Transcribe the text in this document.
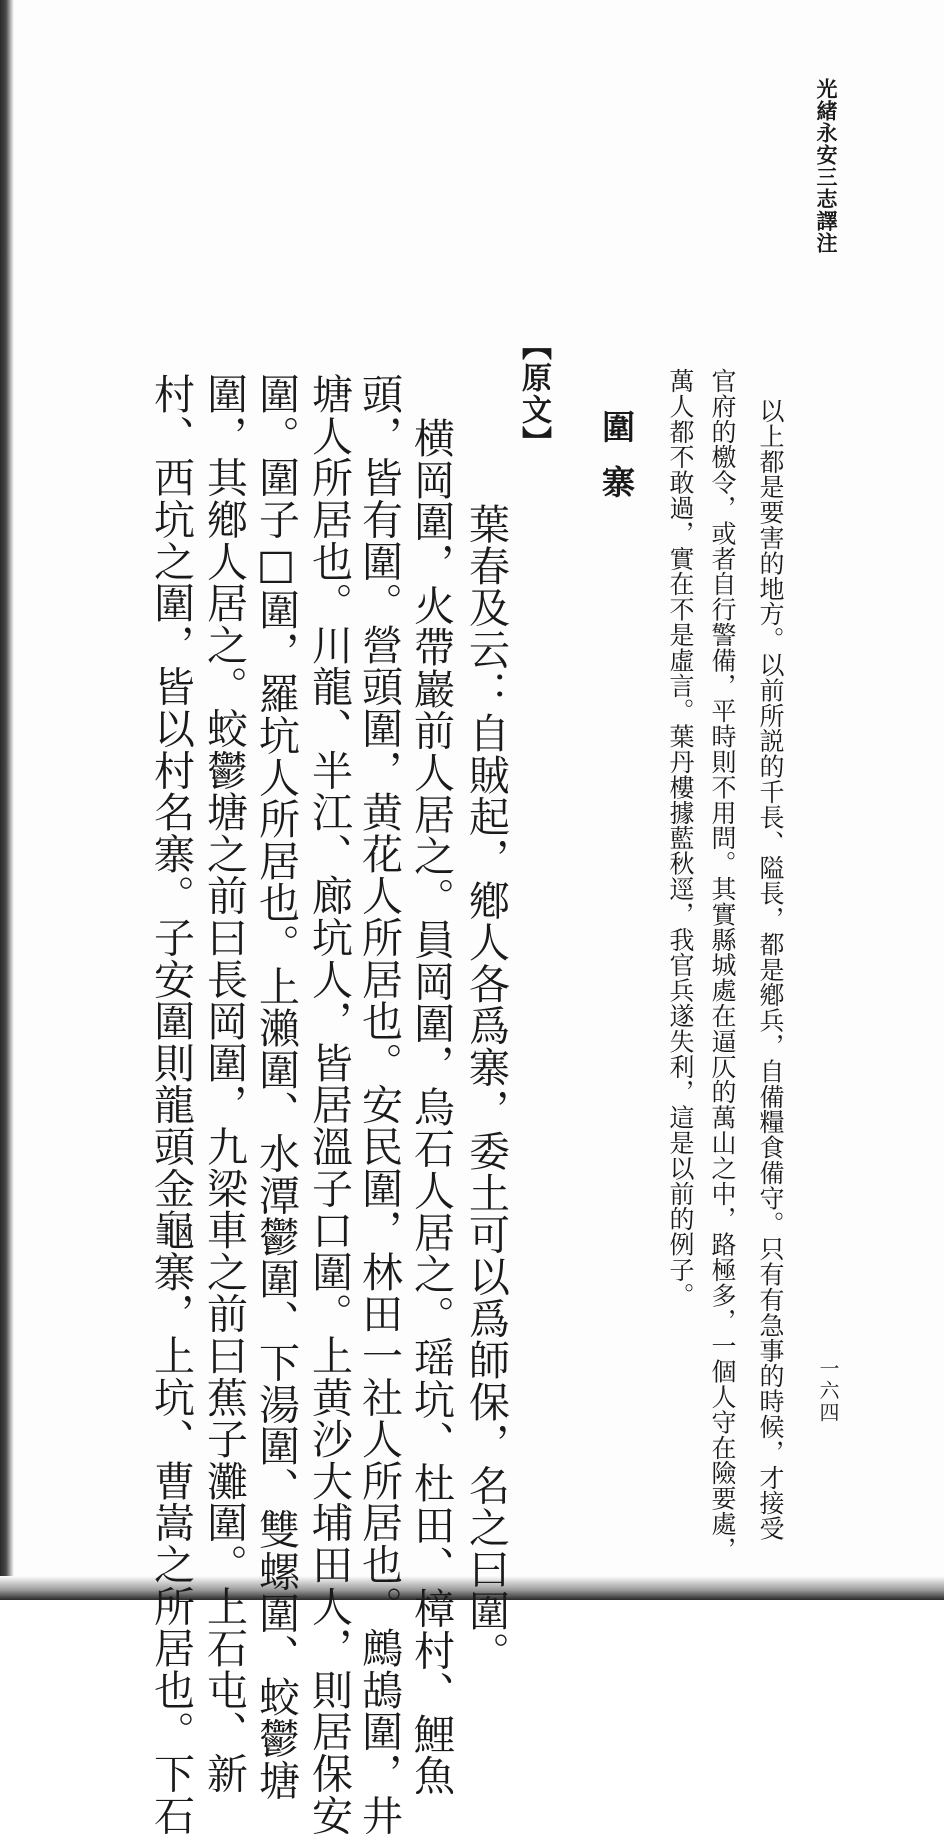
光緒永安三志譯注
一六四
以上都是要害的地方。以前所説的千長、隘長，都是鄕兵，自備糧食備守。只有有急事的時候，才接受
官府的檄令，或者自行警備，平時則不用問。其實縣城處在逼仄的萬山之中，路極多，一個人守在險要處，
萬人都不敢過，實在不是虛言。葉丹樓據藍秋逕，我官兵遂失利，這是以前的例子。
圍寨
【原文】
葉春及云：自賊起，鄕人各爲寨，委土可以爲師保，名之曰圍。
横岡圍，火帶巖前人居之。員岡圍，烏石人居之。瑶坑、杜田、樟村、鯉魚
頭，皆有圍。營頭圍，黄花人所居也。安民圍，林田一社人所居也。鷓鴣圍，井
塘人所居也。川龍、半江、廊坑人，皆居溫子口圍。上黄沙大埔田人，則居保安
圍。圍子□圍，羅坑人所居也。上瀨圍、水潭鬱圍、下湯圍、雙螺圍、蛟鬱塘
圍，其鄕人居之。蛟鬱塘之前曰長岡圍，九梁車之前曰蕉子灘圍。上石屯、新
村、西坑之圍，皆以村名寨。子安圍則龍頭金龜寨，上坑、曹嵩之所居也。下石
